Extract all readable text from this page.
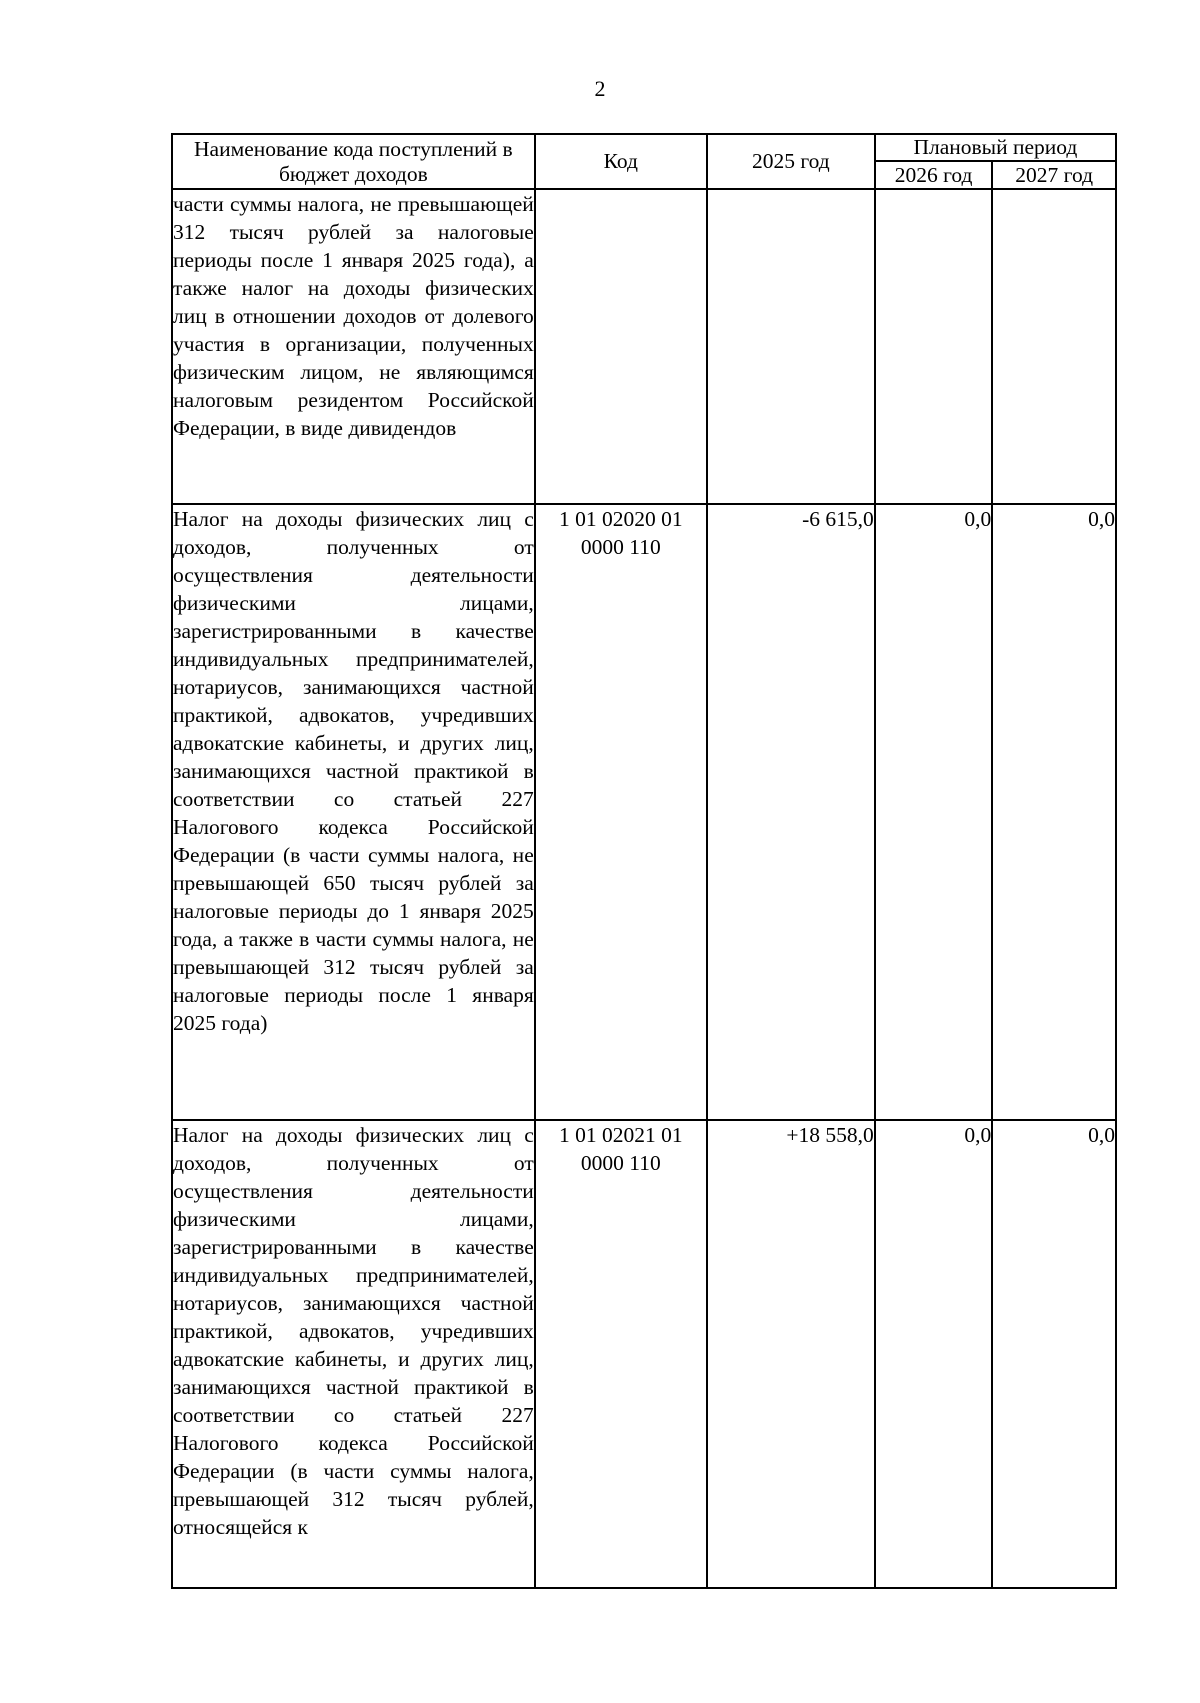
2
Наименование кода поступлений в бюджет доходов	Код	2025 год	Плановый период	
			2026 год	2027 год

части суммы налога, не превышающей 312 тысяч рублей за налоговые периоды после 1 января 2025 года), а также налог на доходы физических лиц в отношении доходов от долевого участия в организации, полученных физическим лицом, не являющимся налоговым резидентом Российской Федерации, в виде дивидендов				

Налог на доходы физических лиц с доходов, полученных от осуществления деятельности физическими лицами, зарегистрированными в качестве индивидуальных предпринимателей, нотариусов, занимающихся частной практикой, адвокатов, учредивших адвокатские кабинеты, и других лиц, занимающихся частной практикой в соответствии со статьей 227 Налогового кодекса Российской Федерации (в части суммы налога, не превышающей 650 тысяч рублей за налоговые периоды до 1 января 2025 года, а также в части суммы налога, не превышающей 312 тысяч рублей за налоговые периоды после 1 января 2025 года)	1 01 02020 01 0000 110	-6 615,0	0,0	0,0

Налог на доходы физических лиц с доходов, полученных от осуществления деятельности физическими лицами, зарегистрированными в качестве индивидуальных предпринимателей, нотариусов, занимающихся частной практикой, адвокатов, учредивших адвокатские кабинеты, и других лиц, занимающихся частной практикой в соответствии со статьей 227 Налогового кодекса Российской Федерации (в части суммы налога, превышающей 312 тысяч рублей, относящейся к	1 01 02021 01 0000 110	+18 558,0	0,0	0,0
